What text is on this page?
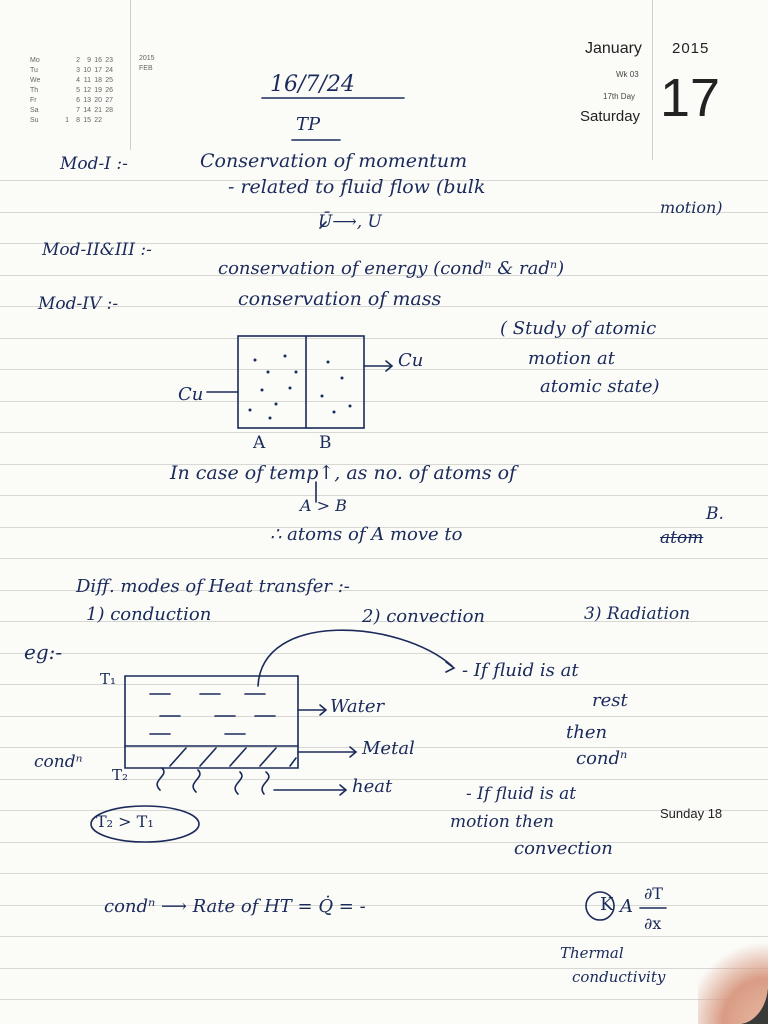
Mo	2	9 16 23
Tu	3 10 17 24
We	4 11 18 25
Th	5 12 19 26
Fr	6 13 20 27
Sa	7 14 21 28
Su	1	8 15 22
2015
FEB
January 2015
Wk 03
17th Day
Saturday 17
16/7/24
TP
Mod-I :-	Conservation of momentum
- related to fluid flow (bulk
motion)
Ū⟶, U
Mod-II&III :-
conservation of energy (condⁿ & radⁿ)
Mod-IV :-	conservation of mass
( Study of atomic
motion at
atomic state)
Cu
Cu
A	B
In case of temp↑, as no. of atoms of
A > B
∴ atoms of A move to	atom
B.
Diff. modes of Heat transfer :-
1) conduction	2) convection	3) Radiation
eg:-
T₁
T₂
Water
Metal
heat
condⁿ
T₂ > T₁
- If fluid is at
rest
then
condⁿ
- If fluid is at
motion then
convection
Sunday 18
condⁿ ⟶ Rate of HT = Q̇ = -	K A
∂T
∂x
Thermal
conductivity
